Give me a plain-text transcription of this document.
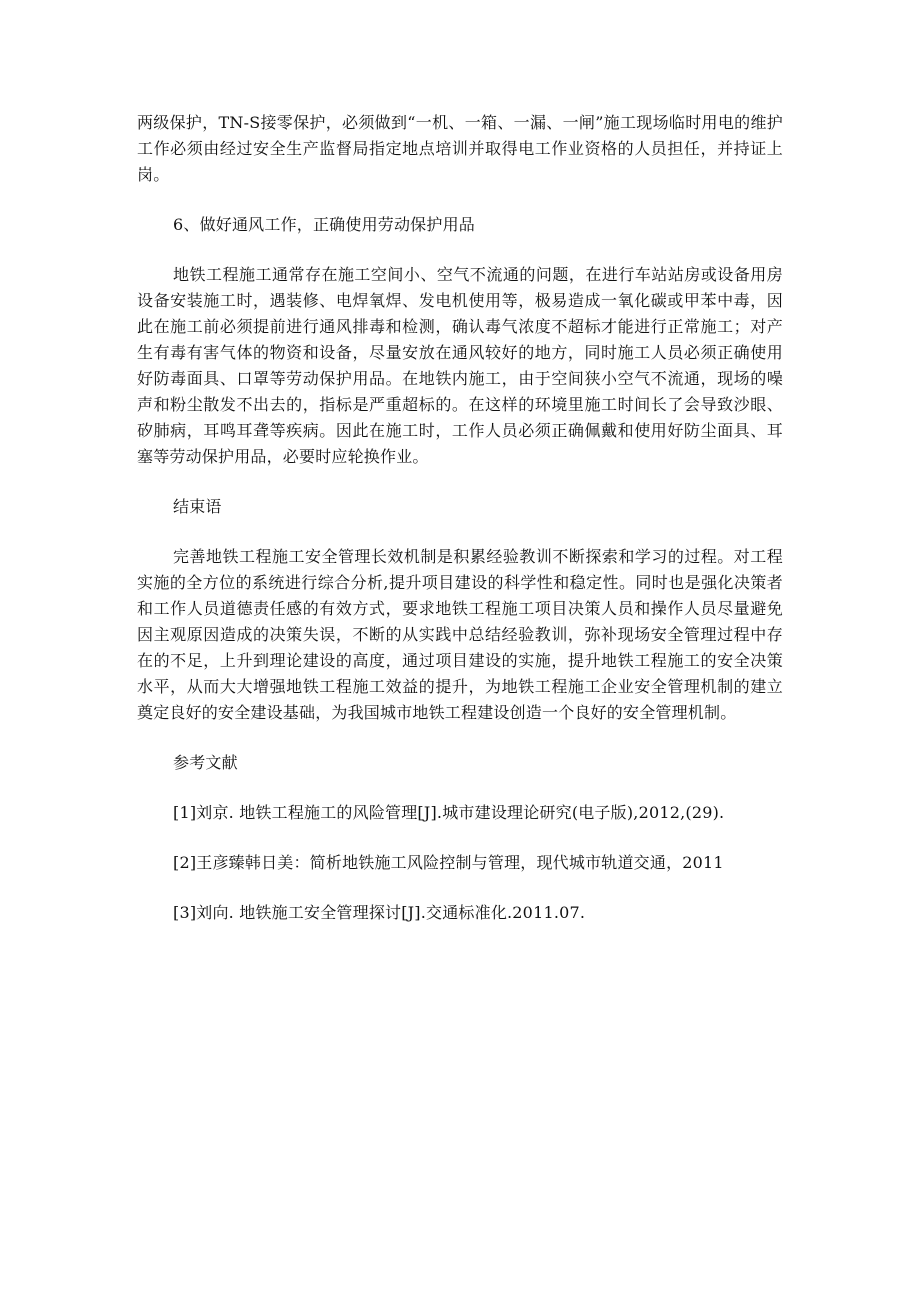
两级保护，TN-S接零保护，必须做到“一机、一箱、一漏、一闸”施工现场临时用电的维护工作必须由经过安全生产监督局指定地点培训并取得电工作业资格的人员担任，并持证上岗。

6、做好通风工作，正确使用劳动保护用品

地铁工程施工通常存在施工空间小、空气不流通的问题，在进行车站站房或设备用房设备安装施工时，遇装修、电焊氧焊、发电机使用等，极易造成一氧化碳或甲苯中毒，因此在施工前必须提前进行通风排毒和检测，确认毒气浓度不超标才能进行正常施工；对产生有毒有害气体的物资和设备，尽量安放在通风较好的地方，同时施工人员必须正确使用好防毒面具、口罩等劳动保护用品。在地铁内施工，由于空间狭小空气不流通，现场的噪声和粉尘散发不出去的，指标是严重超标的。在这样的环境里施工时间长了会导致沙眼、矽肺病，耳鸣耳聋等疾病。因此在施工时，工作人员必须正确佩戴和使用好防尘面具、耳塞等劳动保护用品，必要时应轮换作业。

结束语

完善地铁工程施工安全管理长效机制是积累经验教训不断探索和学习的过程。对工程实施的全方位的系统进行综合分析,提升项目建设的科学性和稳定性。同时也是强化决策者和工作人员道德责任感的有效方式，要求地铁工程施工项目决策人员和操作人员尽量避免因主观原因造成的决策失误，不断的从实践中总结经验教训，弥补现场安全管理过程中存在的不足，上升到理论建设的高度，通过项目建设的实施，提升地铁工程施工的安全决策水平，从而大大增强地铁工程施工效益的提升，为地铁工程施工企业安全管理机制的建立奠定良好的安全建设基础，为我国城市地铁工程建设创造一个良好的安全管理机制。

参考文献

[1]刘京. 地铁工程施工的风险管理[J].城市建设理论研究(电子版),2012,(29).

[2]王彦臻韩日美：简析地铁施工风险控制与管理，现代城市轨道交通，2011

[3]刘向. 地铁施工安全管理探讨[J].交通标准化.2011.07.
